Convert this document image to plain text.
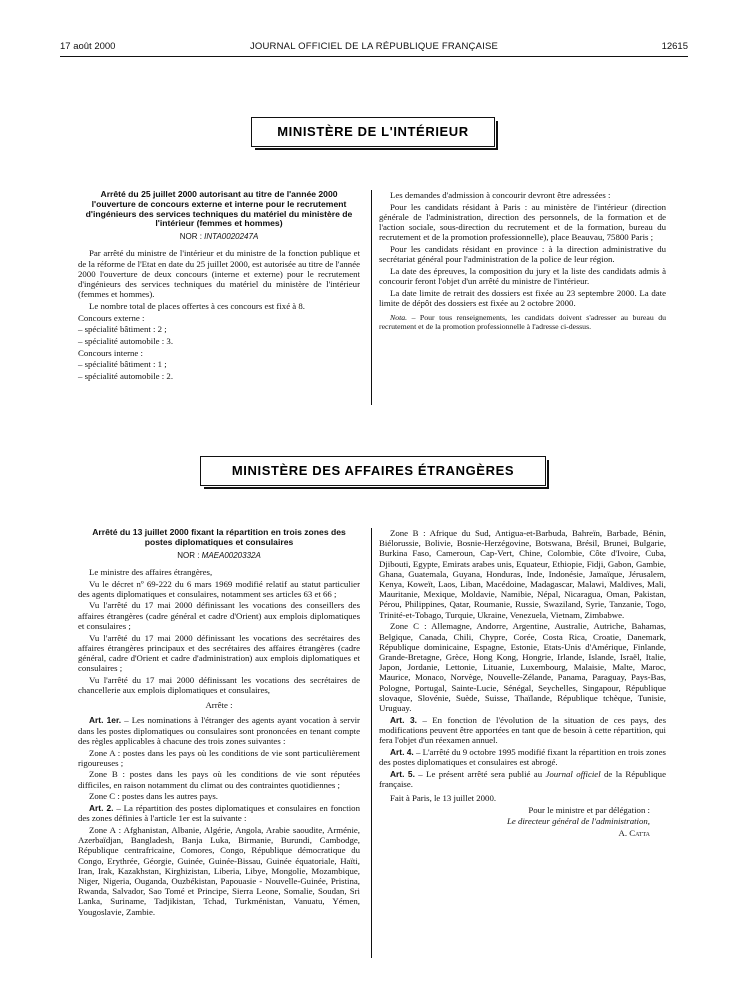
17 août 2000	JOURNAL OFFICIEL DE LA RÉPUBLIQUE FRANÇAISE	12615
MINISTÈRE DE L'INTÉRIEUR
Arrêté du 25 juillet 2000 autorisant au titre de l'année 2000 l'ouverture de concours externe et interne pour le recrutement d'ingénieurs des services techniques du matériel du ministère de l'intérieur (femmes et hommes)
NOR : INTA0020247A

Par arrêté du ministre de l'intérieur et du ministre de la fonction publique et de la réforme de l'Etat en date du 25 juillet 2000, est autorisée au titre de l'année 2000 l'ouverture de deux concours (interne et externe) pour le recrutement d'ingénieurs des services techniques du matériel du ministère de l'intérieur (femmes et hommes).

Le nombre total de places offertes à ces concours est fixé à 8.

Concours externe :

– spécialité bâtiment : 2 ;

– spécialité automobile : 3.

Concours interne :

– spécialité bâtiment : 1 ;

– spécialité automobile : 2.

Les demandes d'admission à concourir devront être adressées :

Pour les candidats résidant à Paris : au ministère de l'intérieur (direction générale de l'administration, direction des personnels, de la formation et de l'action sociale, sous-direction du recrutement et de la formation, bureau du recrutement et de la promotion professionnelle), place Beauvau, 75800 Paris ;

Pour les candidats résidant en province : à la direction administrative du secrétariat général pour l'administration de la police de leur région.

La date des épreuves, la composition du jury et la liste des candidats admis à concourir feront l'objet d'un arrêté du ministre de l'intérieur.

La date limite de retrait des dossiers est fixée au 23 septembre 2000. La date limite de dépôt des dossiers est fixée au 2 octobre 2000.

Nota. – Pour tous renseignements, les candidats doivent s'adresser au bureau du recrutement et de la promotion professionnelle à l'adresse ci-dessus.

MINISTÈRE DES AFFAIRES ÉTRANGÈRES
Arrêté du 13 juillet 2000 fixant la répartition en trois zones des postes diplomatiques et consulaires
NOR : MAEA0020332A

Le ministre des affaires étrangères,

Vu le décret nº 69-222 du 6 mars 1969 modifié relatif au statut particulier des agents diplomatiques et consulaires, notamment ses articles 63 et 66 ;

Vu l'arrêté du 17 mai 2000 définissant les vocations des conseillers des affaires étrangères (cadre général et cadre d'Orient) aux emplois diplomatiques et consulaires ;

Vu l'arrêté du 17 mai 2000 définissant les vocations des secrétaires des affaires étrangères principaux et des secrétaires des affaires étrangères (cadre général, cadre d'Orient et cadre d'administration) aux emplois diplomatiques et consulaires ;

Vu l'arrêté du 17 mai 2000 définissant les vocations des secrétaires de chancellerie aux emplois diplomatiques et consulaires,

Arrête :

Art. 1er. – Les nominations à l'étranger des agents ayant vocation à servir dans les postes diplomatiques ou consulaires sont prononcées en tenant compte des règles applicables à chacune des trois zones suivantes :

Zone A : postes dans les pays où les conditions de vie sont particulièrement rigoureuses ;

Zone B : postes dans les pays où les conditions de vie sont réputées difficiles, en raison notamment du climat ou des contraintes quotidiennes ;

Zone C : postes dans les autres pays.

Art. 2. – La répartition des postes diplomatiques et consulaires en fonction des zones définies à l'article 1er est la suivante :

Zone A : Afghanistan, Albanie, Algérie, Angola, Arabie saoudite, Arménie, Azerbaïdjan, Bangladesh, Banja Luka, Birmanie, Burundi, Cambodge, République centrafricaine, Comores, Congo, République démocratique du Congo, Erythrée, Géorgie, Guinée, Guinée-Bissau, Guinée équatoriale, Haïti, Iran, Irak, Kazakhstan, Kirghizistan, Liberia, Libye, Mongolie, Mozambique, Niger, Nigeria, Ouganda, Ouzbékistan, Papouasie - Nouvelle-Guinée, Pristina, Rwanda, Salvador, Sao Tomé et Principe, Sierra Leone, Somalie, Soudan, Sri Lanka, Suriname, Tadjikistan, Tchad, Turkménistan, Vanuatu, Yémen, Yougoslavie, Zambie.

Zone B : Afrique du Sud, Antigua-et-Barbuda, Bahreïn, Barbade, Bénin, Biélorussie, Bolivie, Bosnie-Herzégovine, Botswana, Brésil, Brunei, Bulgarie, Burkina Faso, Cameroun, Cap-Vert, Chine, Colombie, Côte d'Ivoire, Cuba, Djibouti, Egypte, Emirats arabes unis, Equateur, Ethiopie, Fidji, Gabon, Gambie, Ghana, Guatemala, Guyana, Honduras, Inde, Indonésie, Jamaïque, Jérusalem, Kenya, Koweït, Laos, Liban, Macédoine, Madagascar, Malawi, Maldives, Mali, Mauritanie, Mexique, Moldavie, Namibie, Népal, Nicaragua, Oman, Pakistan, Pérou, Philippines, Qatar, Roumanie, Russie, Swaziland, Syrie, Tanzanie, Togo, Trinité-et-Tobago, Turquie, Ukraine, Venezuela, Vietnam, Zimbabwe.

Zone C : Allemagne, Andorre, Argentine, Australie, Autriche, Bahamas, Belgique, Canada, Chili, Chypre, Corée, Costa Rica, Croatie, Danemark, République dominicaine, Espagne, Estonie, Etats-Unis d'Amérique, Finlande, Grande-Bretagne, Grèce, Hong Kong, Hongrie, Irlande, Islande, Israël, Italie, Japon, Jordanie, Lettonie, Lituanie, Luxembourg, Malaisie, Malte, Maroc, Maurice, Monaco, Norvège, Nouvelle-Zélande, Panama, Paraguay, Pays-Bas, Pologne, Portugal, Sainte-Lucie, Sénégal, Seychelles, Singapour, République slovaque, Slovénie, Suède, Suisse, Thaïlande, République tchèque, Tunisie, Uruguay.

Art. 3. – En fonction de l'évolution de la situation de ces pays, des modifications peuvent être apportées en tant que de besoin à cette répartition, qui fera l'objet d'un réexamen annuel.

Art. 4. – L'arrêté du 9 octobre 1995 modifié fixant la répartition en trois zones des postes diplomatiques et consulaires est abrogé.

Art. 5. – Le présent arrêté sera publié au Journal officiel de la République française.

Fait à Paris, le 13 juillet 2000.

Pour le ministre et par délégation :

Le directeur général de l'administration,

A. Catta
